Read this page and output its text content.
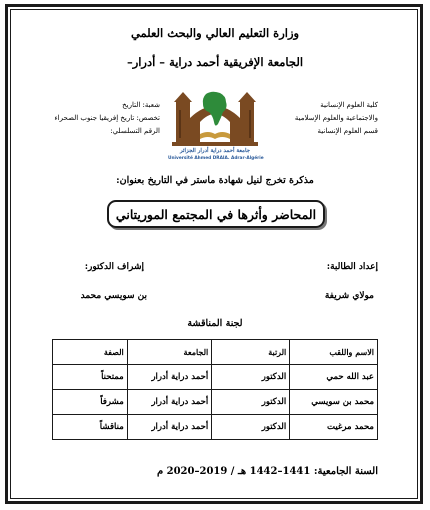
وزارة التعليم العالي والبحث العلمي
الجامعة الإفريقية أحمد دراية – أدرار–
كلية العلوم الإنسانية
والاجتماعية والعلوم الإسلامية
قسم العلوم الإنسانية
شعبة: التاريخ
تخصص: تاريخ إفريقيا جنوب الصحراء
الرقم التسلسلي:
جامعة أحمد دراية أدرار الجزائر
Université Ahmed DRAIA. Adrar-Algérie
مذكرة تخرج لنيل شهادة ماستر في التاريخ بعنوان:
المحاضر وأثرها في المجتمع الموريتاني
إعداد الطالبة:
إشراف الدكتور:
مولاي شريفة
بن سويسي محمد
لجنة المناقشة
الاسم واللقب	الرتبة	الجامعة	الصفة
عبد الله حمي	الدكتور	أحمد دراية أدرار	ممتحناً
محمد بن سويسي	الدكتور	أحمد دراية أدرار	مشرفاً
محمد مرغيت	الدكتور	أحمد دراية أدرار	مناقشاً
السنة الجامعية: 1441–1442 هـ / 2019–2020 م
